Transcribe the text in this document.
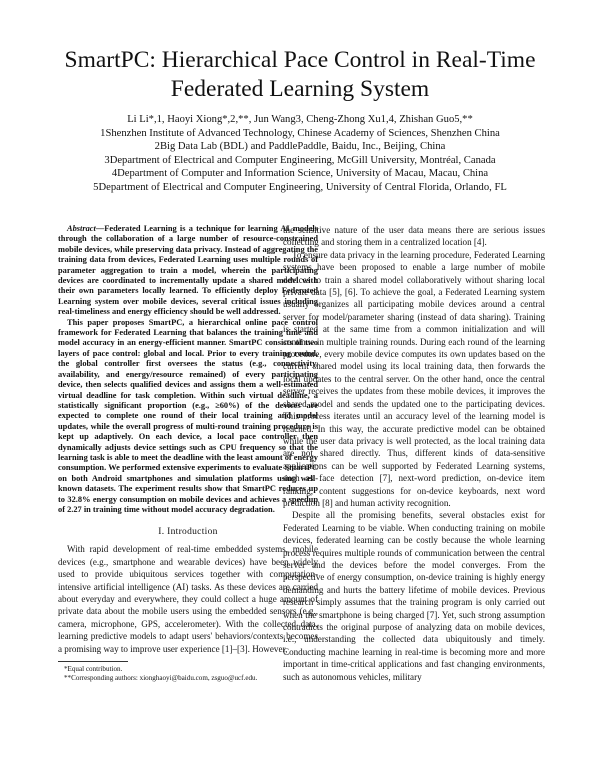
SmartPC: Hierarchical Pace Control in Real-Time
Federated Learning System
Li Li*,1, Haoyi Xiong*,2,**, Jun Wang3, Cheng-Zhong Xu1,4, Zhishan Guo5,**
1Shenzhen Institute of Advanced Technology, Chinese Academy of Sciences, Shenzhen China
2Big Data Lab (BDL) and PaddlePaddle, Baidu, Inc., Beijing, China
3Department of Electrical and Computer Engineering, McGill University, Montréal, Canada
4Department of Computer and Information Science, University of Macau, Macau, China
5Department of Electrical and Computer Engineering, University of Central Florida, Orlando, FL

Abstract—Federated Learning is a technique for learning AI models through the collaboration of a large number of resource-constrained mobile devices, while preserving data privacy. Instead of aggregating the training data from devices, Federated Learning uses multiple rounds of parameter aggregation to train a model, wherein the participating devices are coordinated to incrementally update a shared model with their own parameters locally learned. To efficiently deploy Federated Learning system over mobile devices, several critical issues including real-timeliness and energy efficiency should be well addressed.

This paper proposes SmartPC, a hierarchical online pace control framework for Federated Learning that balances the training time and model accuracy in an energy-efficient manner. SmartPC consists of two layers of pace control: global and local. Prior to every training round, the global controller first oversees the status (e.g., connectivity, availability, and energy/resource remained) of every participating device, then selects qualified devices and assigns them a well-estimated virtual deadline for task completion. Within such virtual deadline, a statistically significant proportion (e.g., ≥60%) of the devices are expected to complete one round of their local training and model updates, while the overall progress of multi-round training procedure is kept up adaptively. On each device, a local pace controller then dynamically adjusts device settings such as CPU frequency so that the learning task is able to meet the deadline with the least amount of energy consumption. We performed extensive experiments to evaluate SmartPC on both Android smartphones and simulation platforms using well-known datasets. The experiment results show that SmartPC reduces up to 32.8% energy consumption on mobile devices and achieves a speedup of 2.27 in training time without model accuracy degradation.

I. Introduction

With rapid development of real-time embedded systems, mobile devices (e.g., smartphone and wearable devices) have been widely used to provide ubiquitous services together with computation-intensive artificial intelligence (AI) tasks. As these devices are carried about everyday and everywhere, they could collect a huge amount of private data about the mobile users using the embedded sensors (e.g., camera, microphone, GPS, accelerometer). With the collected data, learning predictive models to adapt users' behaviors/contexts becomes a promising way to improve user experience [1]–[3]. However,

*Equal contribution.

**Corresponding authors: xionghaoyi@baidu.com, zsguo@ucf.edu.

the sensitive nature of the user data means there are serious issues collecting and storing them in a centralized location [4].

To ensure data privacy in the learning procedure, Federated Learning systems have been proposed to enable a large number of mobile devices to train a shared model collaboratively without sharing local private data [5], [6]. To achieve the goal, a Federated Learning system usually organizes all participating mobile devices around a central server for model/parameter sharing (instead of data sharing). Training is started at the same time from a common initialization and will continue in multiple training rounds. During each round of the learning procedure, every mobile device computes its own updates based on the current shared model using its local training data, then forwards the local updates to the central server. On the other hand, once the central server receives the updates from these mobile devices, it improves the shared model and sends the updated one to the participating devices. This process iterates until an accuracy level of the learning model is reached. In this way, the accurate predictive model can be obtained while the user data privacy is well protected, as the local training data are not shared directly. Thus, different kinds of data-sensitive applications can be well supported by Federated Learning systems, such as face detection [7], next-word prediction, on-device item ranking, content suggestions for on-device keyboards, next word prediction [8] and human activity recognition.

Despite all the promising benefits, several obstacles exist for Federated Learning to be viable. When conducting training on mobile devices, federated learning can be costly because the whole learning process requires multiple rounds of communication between the central server and the devices before the model converges. From the perspective of energy consumption, on-device training is highly energy demanding and hurts the battery lifetime of mobile devices. Previous research simply assumes that the training program is only carried out when the smartphone is being charged [7]. Yet, such strong assumption contradicts the original purpose of analyzing data on mobile devices, i.e., understanding the collected data ubiquitously and timely. Conducting machine learning in real-time is becoming more and more important in time-critical applications and fast changing environments, such as autonomous vehicles, military
